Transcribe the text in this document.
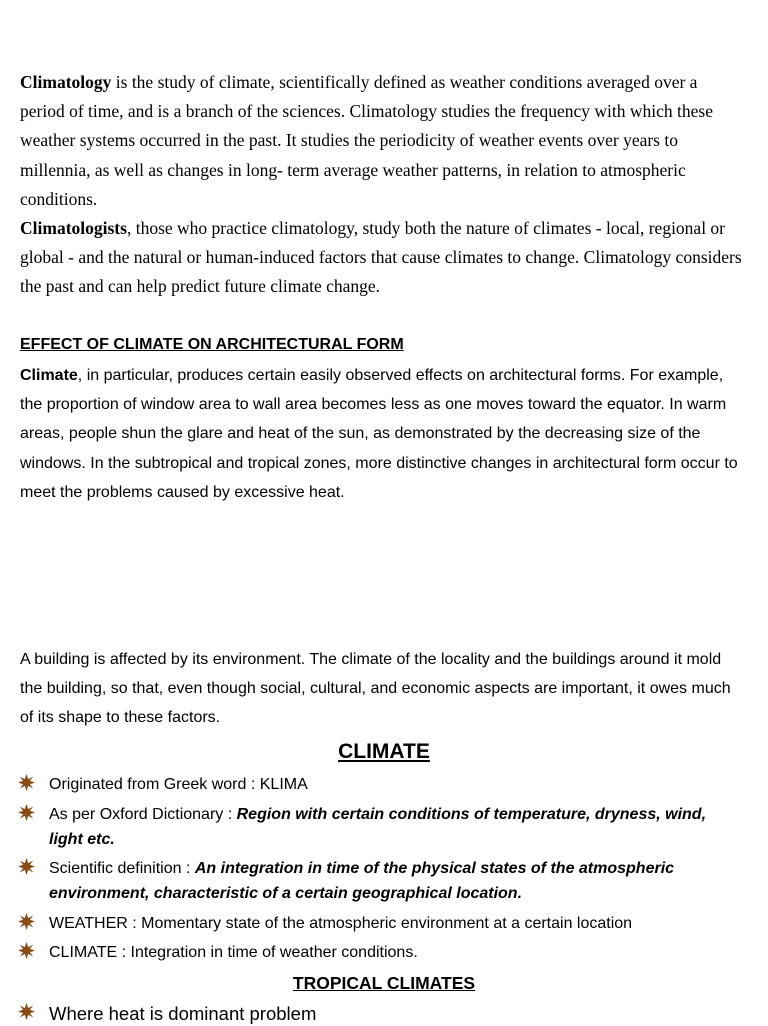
Climatology is the study of climate, scientifically defined as weather conditions averaged over a period of time, and is a branch of the sciences. Climatology studies the frequency with which these weather systems occurred in the past. It studies the periodicity of weather events over years to millennia, as well as changes in long- term average weather patterns, in relation to atmospheric conditions.
Climatologists, those who practice climatology, study both the nature of climates - local, regional or global - and the natural or human-induced factors that cause climates to change. Climatology considers the past and can help predict future climate change.

EFFECT OF CLIMATE ON ARCHITECTURAL FORM

Climate, in particular, produces certain easily observed effects on architectural forms. For example, the proportion of window area to wall area becomes less as one moves toward the equator. In warm areas, people shun the glare and heat of the sun, as demonstrated by the decreasing size of the windows. In the subtropical and tropical zones, more distinctive changes in architectural form occur to meet the problems caused by excessive heat.

A building is affected by its environment. The climate of the locality and the buildings around it mold the building, so that, even though social, cultural, and economic aspects are important, it owes much of its shape to these factors.

CLIMATE

Originated from Greek word : KLIMA
As per Oxford Dictionary : Region with certain conditions of temperature, dryness, wind, light etc.
Scientific definition : An integration in time of the physical states of the atmospheric environment, characteristic of a certain geographical location.
WEATHER : Momentary state of the atmospheric environment at a certain location
CLIMATE : Integration in time of weather conditions.

TROPICAL CLIMATES

Where heat is dominant problem
